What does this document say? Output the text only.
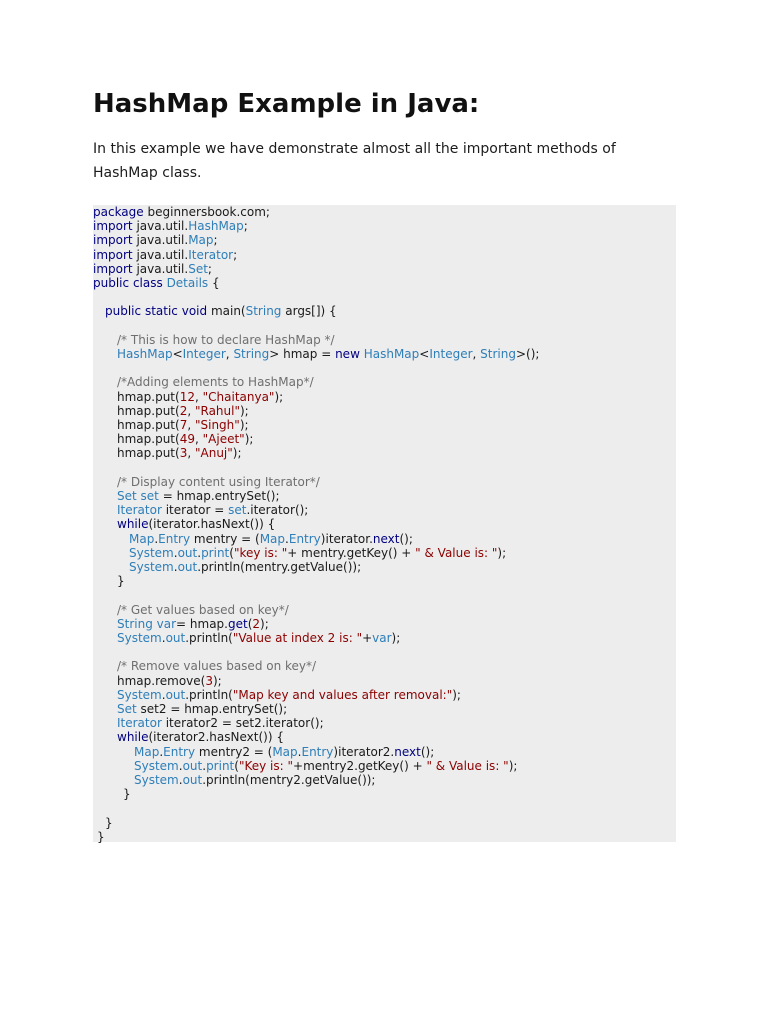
HashMap Example in Java:

In this example we have demonstrate almost all the important methods of
HashMap class.

package beginnersbook.com;
import java.util.HashMap;
import java.util.Map;
import java.util.Iterator;
import java.util.Set;
public class Details {
public static void main(String args[]) {
/* This is how to declare HashMap */
HashMap<Integer, String> hmap = new HashMap<Integer, String>();
/*Adding elements to HashMap*/
hmap.put(12, "Chaitanya");
hmap.put(2, "Rahul");
hmap.put(7, "Singh");
hmap.put(49, "Ajeet");
hmap.put(3, "Anuj");
/* Display content using Iterator*/
Set set = hmap.entrySet();
Iterator iterator = set.iterator();
while(iterator.hasNext()) {
Map.Entry mentry = (Map.Entry)iterator.next();
System.out.print("key is: "+ mentry.getKey() + " & Value is: ");
System.out.println(mentry.getValue());
}
/* Get values based on key*/
String var= hmap.get(2);
System.out.println("Value at index 2 is: "+var);
/* Remove values based on key*/
hmap.remove(3);
System.out.println("Map key and values after removal:");
Set set2 = hmap.entrySet();
Iterator iterator2 = set2.iterator();
while(iterator2.hasNext()) {
Map.Entry mentry2 = (Map.Entry)iterator2.next();
System.out.print("Key is: "+mentry2.getKey() + " & Value is: ");
System.out.println(mentry2.getValue());
}
}
}
